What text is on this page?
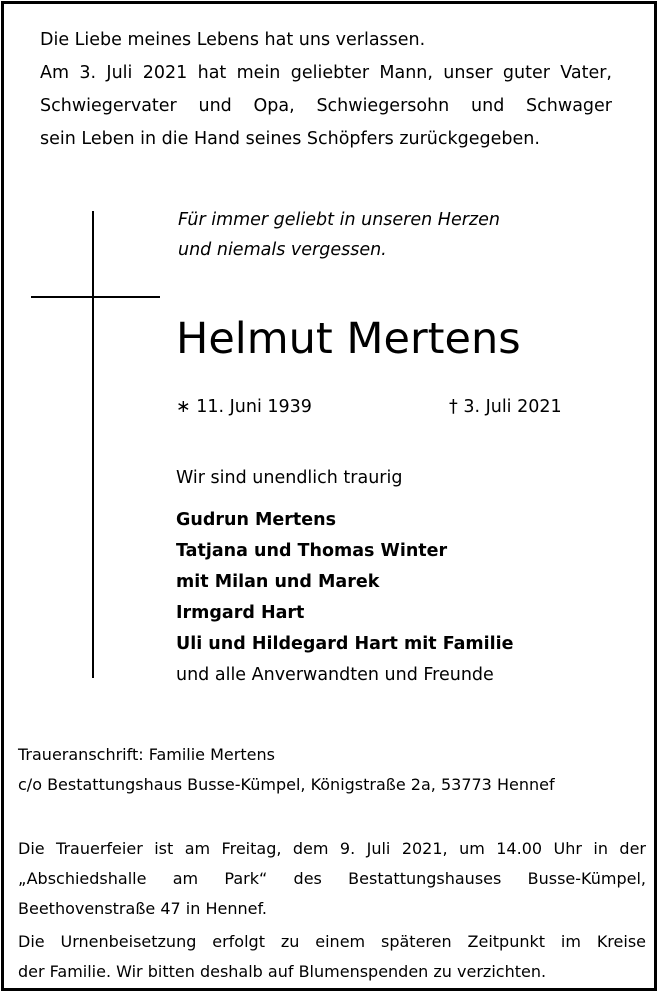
Die Liebe meines Lebens hat uns verlassen.
Am 3. Juli 2021 hat mein geliebter Mann, unser guter Vater,
Schwiegervater und Opa, Schwiegersohn und Schwager
sein Leben in die Hand seines Schöpfers zurückgegeben.
Für immer geliebt in unseren Herzen
und niemals vergessen.
Helmut Mertens
∗ 11. Juni 1939	† 3. Juli 2021
Wir sind unendlich traurig
Gudrun Mertens
Tatjana und Thomas Winter
mit Milan und Marek
Irmgard Hart
Uli und Hildegard Hart mit Familie
und alle Anverwandten und Freunde
Traueranschrift: Familie Mertens
c/o Bestattungshaus Busse-Kümpel, Königstraße 2a, 53773 Hennef
Die Trauerfeier ist am Freitag, dem 9. Juli 2021, um 14.00 Uhr in der
„Abschiedshalle am Park“ des Bestattungshauses Busse-Kümpel,
Beethovenstraße 47 in Hennef.
Die Urnenbeisetzung erfolgt zu einem späteren Zeitpunkt im Kreise
der Familie. Wir bitten deshalb auf Blumenspenden zu verzichten.
